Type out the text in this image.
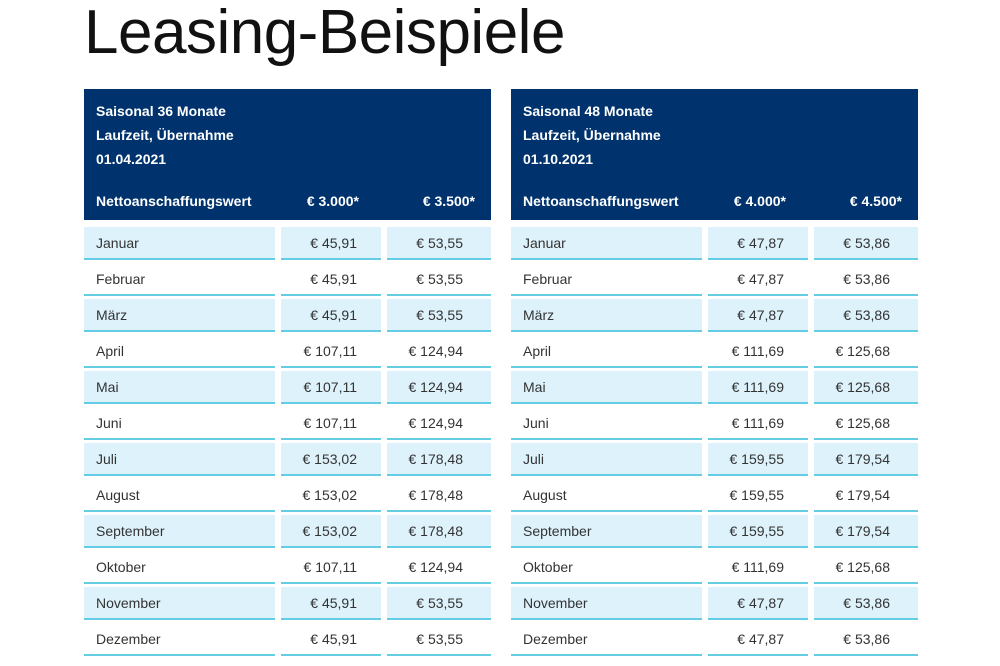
Leasing-Beispiele
Saisonal 36 Monate
Laufzeit, Übernahme
01.04.2021
Nettoanschaffungswert	€ 3.000*	€ 3.500*
Januar	€ 45,91	€ 53,55
Februar	€ 45,91	€ 53,55
März	€ 45,91	€ 53,55
April	€ 107,11	€ 124,94
Mai	€ 107,11	€ 124,94
Juni	€ 107,11	€ 124,94
Juli	€ 153,02	€ 178,48
August	€ 153,02	€ 178,48
September	€ 153,02	€ 178,48
Oktober	€ 107,11	€ 124,94
November	€ 45,91	€ 53,55
Dezember	€ 45,91	€ 53,55
Saisonal 48 Monate
Laufzeit, Übernahme
01.10.2021
Nettoanschaffungswert	€ 4.000*	€ 4.500*
Januar	€ 47,87	€ 53,86
Februar	€ 47,87	€ 53,86
März	€ 47,87	€ 53,86
April	€ 111,69	€ 125,68
Mai	€ 111,69	€ 125,68
Juni	€ 111,69	€ 125,68
Juli	€ 159,55	€ 179,54
August	€ 159,55	€ 179,54
September	€ 159,55	€ 179,54
Oktober	€ 111,69	€ 125,68
November	€ 47,87	€ 53,86
Dezember	€ 47,87	€ 53,86
